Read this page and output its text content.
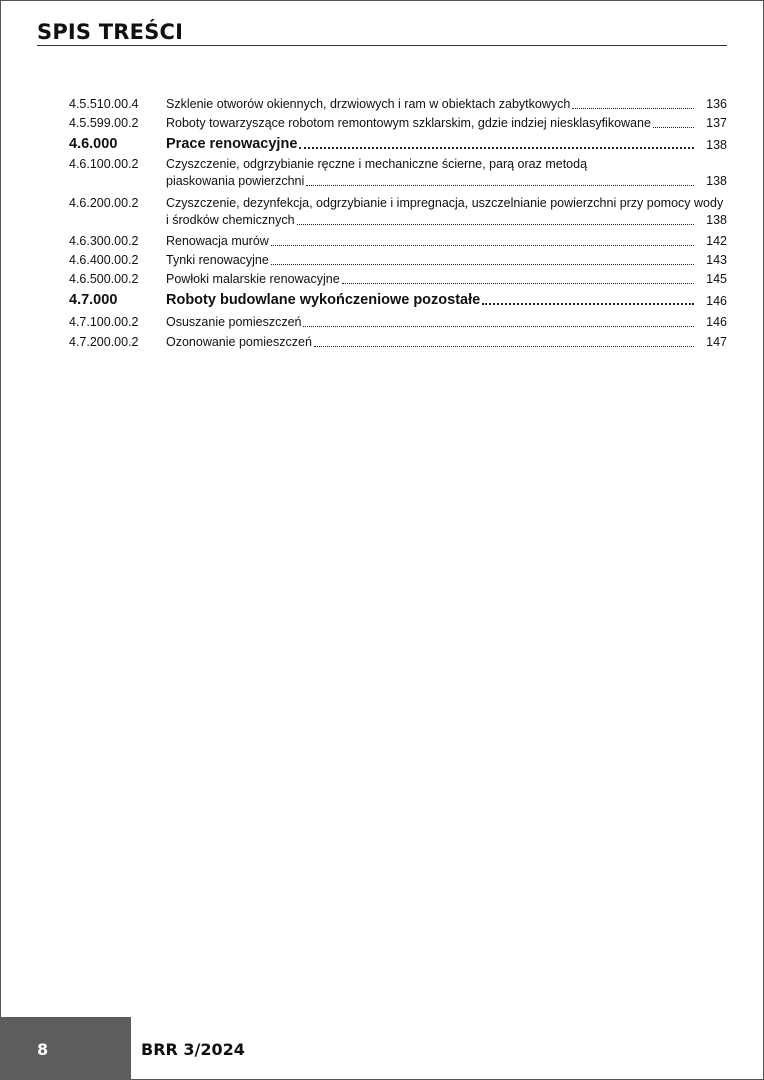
SPIS TREŚCI
4.5.510.00.4 Szklenie otworów okiennych, drzwiowych i ram w obiektach zabytkowych	136
4.5.599.00.2 Roboty towarzyszące robotom remontowym szklarskim, gdzie indziej niesklasyfikowane	137
4.6.000	Prace renowacyjne	138
4.6.100.00.2 Czyszczenie, odgrzybianie ręczne i mechaniczne ścierne, parą oraz metodą
piaskowania powierzchni	138
4.6.200.00.2 Czyszczenie, dezynfekcja, odgrzybianie i impregnacja, uszczelnianie powierzchni przy pomocy wody
i środków chemicznych	138
4.6.300.00.2 Renowacja murów	142
4.6.400.00.2 Tynki renowacyjne	143
4.6.500.00.2 Powłoki malarskie renowacyjne	145
4.7.000	Roboty budowlane wykończeniowe pozostałe	146
4.7.100.00.2 Osuszanie pomieszczeń	146
4.7.200.00.2 Ozonowanie pomieszczeń	147
8	BRR 3/2024
